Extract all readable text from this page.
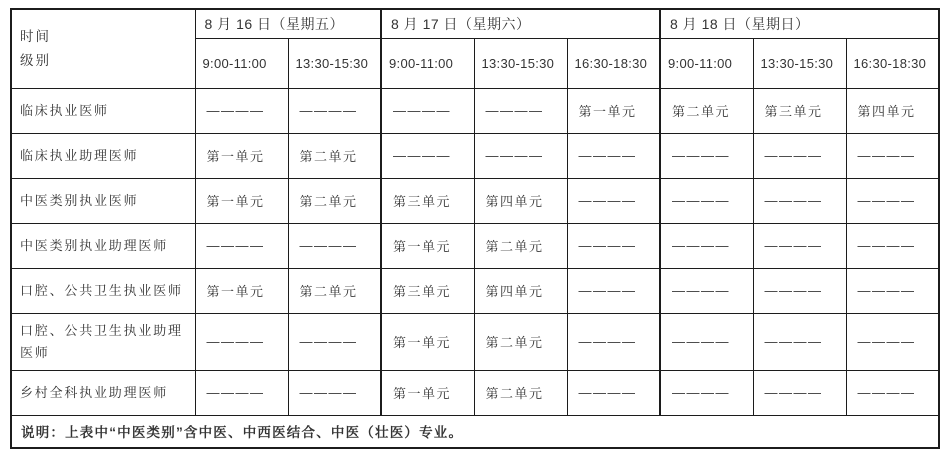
时间
级别	8 月 16 日（星期五）		8 月 17 日（星期六）			8 月 18 日（星期日）		
	9:00-11:00	13:30-15:30	9:00-11:00	13:30-15:30	16:30-18:30	9:00-11:00	13:30-15:30	16:30-18:30
临床执业医师	————	————	————	————	第一单元	第二单元	第三单元	第四单元
临床执业助理医师	第一单元	第二单元	————	————	————	————	————	————
中医类别执业医师	第一单元	第二单元	第三单元	第四单元	————	————	————	————
中医类别执业助理医师	————	————	第一单元	第二单元	————	————	————	————
口腔、公共卫生执业医师	第一单元	第二单元	第三单元	第四单元	————	————	————	————
口腔、公共卫生执业助理医师	————	————	第一单元	第二单元	————	————	————	————
乡村全科执业助理医师	————	————	第一单元	第二单元	————	————	————	————
说明：上表中“中医类别”含中医、中西医结合、中医（壮医）专业。								
